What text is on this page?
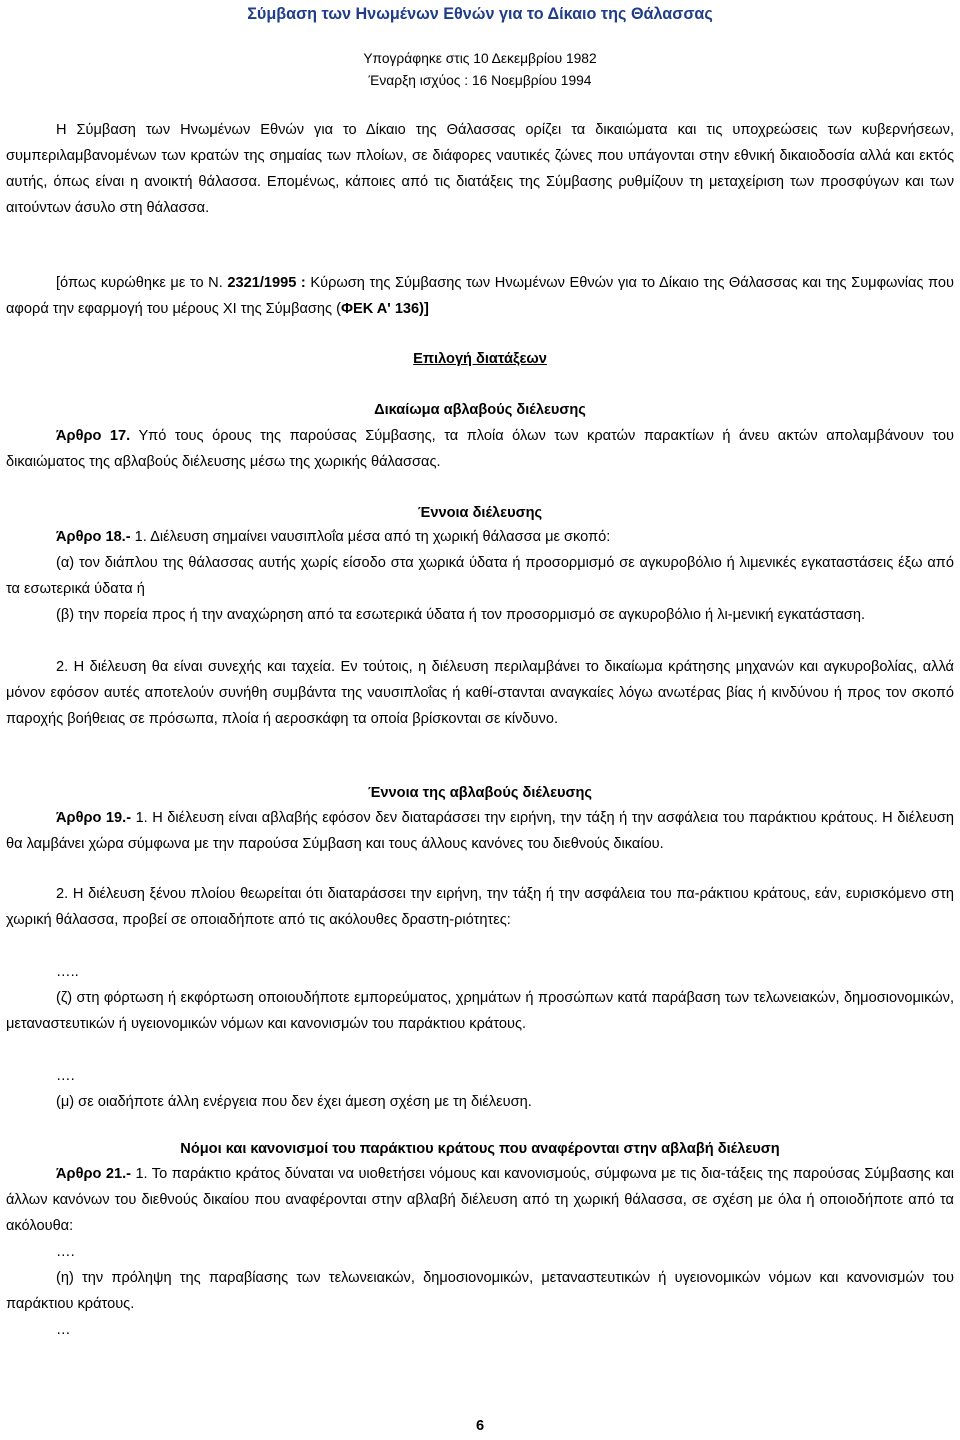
Σύμβαση των Ηνωμένων Εθνών για το Δίκαιο της Θάλασσας
Υπογράφηκε στις 10 Δεκεμβρίου 1982
Έναρξη ισχύος : 16 Νοεμβρίου 1994
Η Σύμβαση των Ηνωμένων Εθνών για το Δίκαιο της Θάλασσας ορίζει τα δικαιώματα και τις υποχρεώσεις των κυβερνήσεων, συμπεριλαμβανομένων των κρατών της σημαίας των πλοίων, σε διάφορες ναυτικές ζώνες που υπάγονται στην εθνική δικαιοδοσία αλλά και εκτός αυτής, όπως είναι η ανοικτή θάλασσα. Επομένως, κάποιες από τις διατάξεις της Σύμβασης ρυθμίζουν τη μεταχείριση των προσφύγων και των αιτούντων άσυλο στη θάλασσα.
[όπως κυρώθηκε με το Ν. 2321/1995 : Κύρωση της Σύμβασης των Ηνωμένων Εθνών για το Δίκαιο της Θάλασσας και της Συμφωνίας που αφορά την εφαρμογή του μέρους XI της Σύμβασης (ΦΕΚ Α' 136)]
Επιλογή διατάξεων
Δικαίωμα αβλαβούς διέλευσης
Άρθρο 17. Υπό τους όρους της παρούσας Σύμβασης, τα πλοία όλων των κρατών παρακτίων ή άνευ ακτών απολαμβάνουν του δικαιώματος της αβλαβούς διέλευσης μέσω της χωρικής θάλασσας.
Έννοια διέλευσης
Άρθρο 18.- 1. Διέλευση σημαίνει ναυσιπλοΐα μέσα από τη χωρική θάλασσα με σκοπό:
(α) τον διάπλου της θάλασσας αυτής χωρίς είσοδο στα χωρικά ύδατα ή προσορμισμό σε αγκυροβόλιο ή λιμενικές εγκαταστάσεις έξω από τα εσωτερικά ύδατα ή
(β) την πορεία προς ή την αναχώρηση από τα εσωτερικά ύδατα ή τον προσορμισμό σε αγκυροβόλιο ή λι-μενική εγκατάσταση.
2. Η διέλευση θα είναι συνεχής και ταχεία. Εν τούτοις, η διέλευση περιλαμβάνει το δικαίωμα κράτησης μηχανών και αγκυροβολίας, αλλά μόνον εφόσον αυτές αποτελούν συνήθη συμβάντα της ναυσιπλοΐας ή καθί-στανται αναγκαίες λόγω ανωτέρας βίας ή κινδύνου ή προς τον σκοπό παροχής βοήθειας σε πρόσωπα, πλοία ή αεροσκάφη τα οποία βρίσκονται σε κίνδυνο.
Έννοια της αβλαβούς διέλευσης
Άρθρο 19.- 1. Η διέλευση είναι αβλαβής εφόσον δεν διαταράσσει την ειρήνη, την τάξη ή την ασφάλεια του παράκτιου κράτους. Η διέλευση θα λαμβάνει χώρα σύμφωνα με την παρούσα Σύμβαση και τους άλλους κανόνες του διεθνούς δικαίου.
2. Η διέλευση ξένου πλοίου θεωρείται ότι διαταράσσει την ειρήνη, την τάξη ή την ασφάλεια του πα-ράκτιου κράτους, εάν, ευρισκόμενο στη χωρική θάλασσα, προβεί σε οποιαδήποτε από τις ακόλουθες δραστη-ριότητες:
…..
(ζ) στη φόρτωση ή εκφόρτωση οποιουδήποτε εμπορεύματος, χρημάτων ή προσώπων κατά παράβαση των τελωνειακών, δημοσιονομικών, μεταναστευτικών ή υγειονομικών νόμων και κανονισμών του παράκτιου κράτους.
….
(μ) σε οιαδήποτε άλλη ενέργεια που δεν έχει άμεση σχέση με τη διέλευση.
Νόμοι και κανονισμοί του παράκτιου κράτους που αναφέρονται στην αβλαβή διέλευση
Άρθρο 21.- 1. Το παράκτιο κράτος δύναται να υιοθετήσει νόμους και κανονισμούς, σύμφωνα με τις δια-τάξεις της παρούσας Σύμβασης και άλλων κανόνων του διεθνούς δικαίου που αναφέρονται στην αβλαβή διέλευση από τη χωρική θάλασσα, σε σχέση με όλα ή οποιοδήποτε από τα ακόλουθα:
….
(η) την πρόληψη της παραβίασης των τελωνειακών, δημοσιονομικών, μεταναστευτικών ή υγειονομικών νόμων και κανονισμών του παράκτιου κράτους.
…
6
